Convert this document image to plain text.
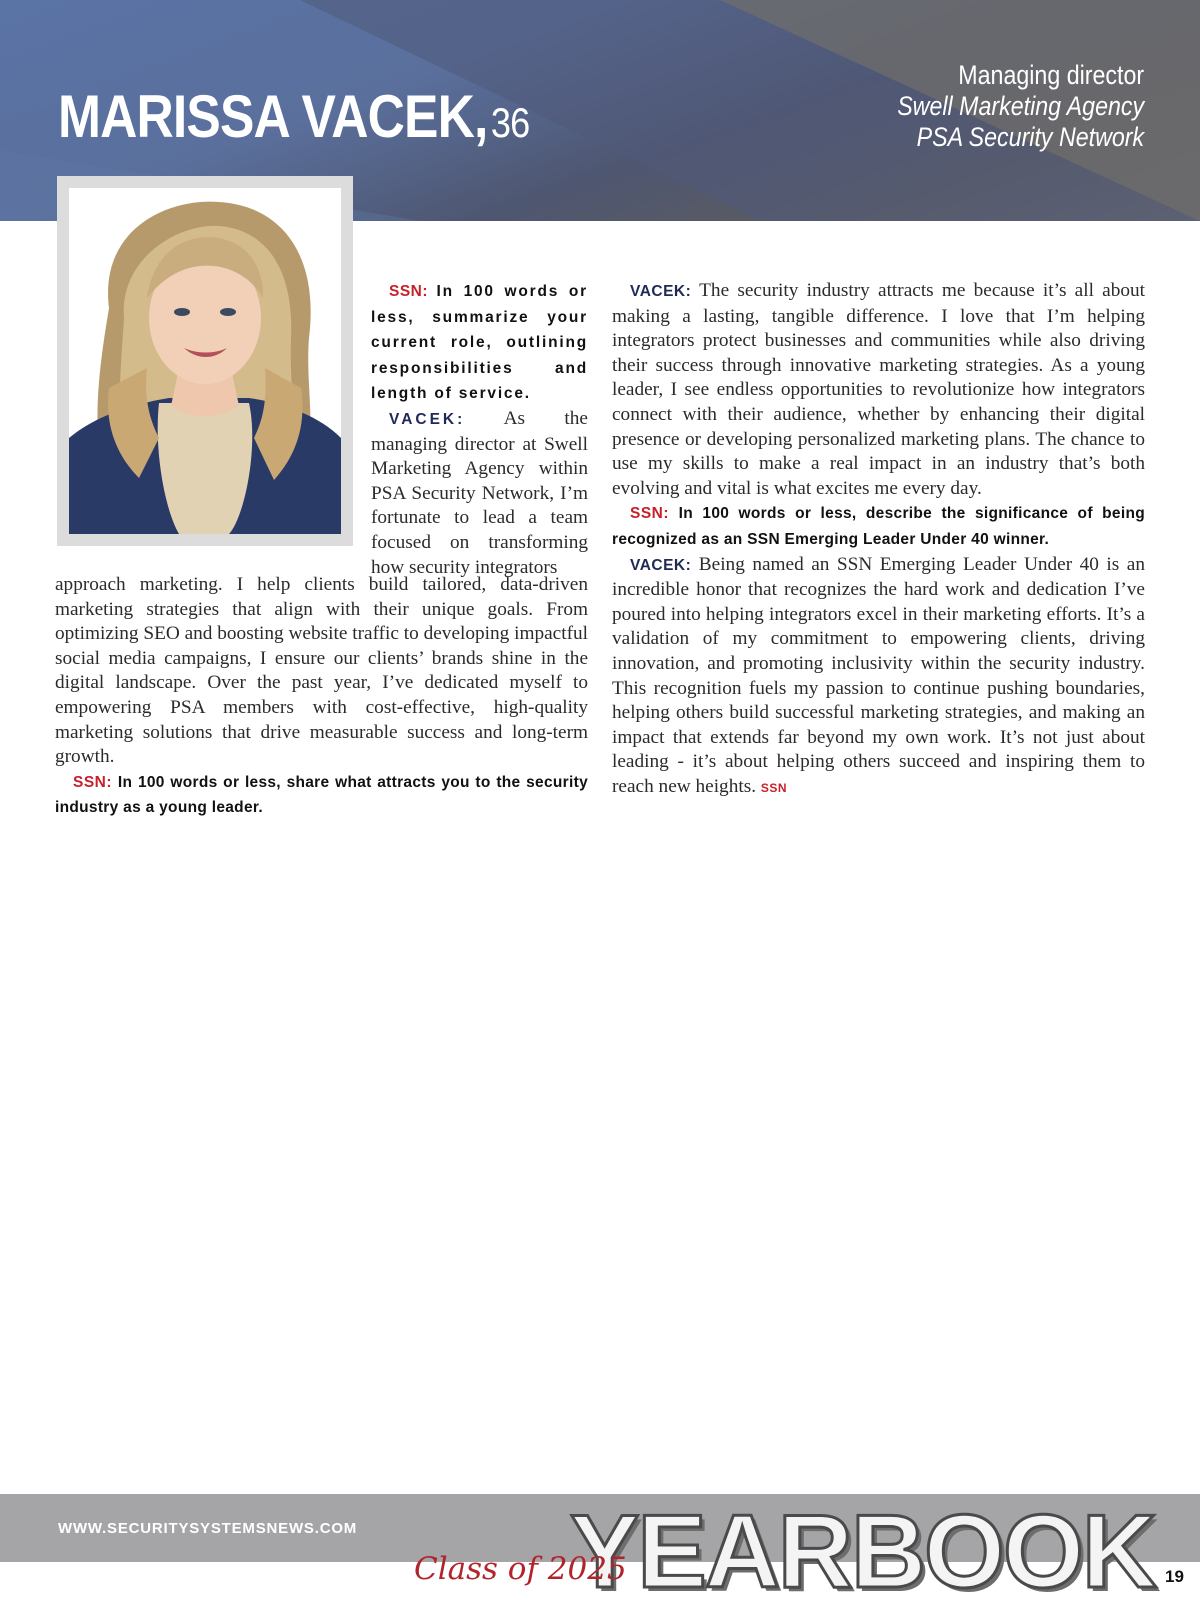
MARISSA VACEK,36
Managing director
Swell Marketing Agency
PSA Security Network

SSN: In 100 words or less, summarize your current role, outlining responsibilities and length of service.

VACEK: As the managing director at Swell Marketing Agency within PSA Security Network, I’m fortunate to lead a team focused on transforming how security integrators

approach marketing. I help clients build tailored, data-driven marketing strategies that align with their unique goals. From optimizing SEO and boosting website traffic to developing impactful social media campaigns, I ensure our clients’ brands shine in the digital landscape. Over the past year, I’ve dedicated myself to empowering PSA members with cost-effective, high-quality marketing solutions that drive measurable success and long-term growth.

SSN: In 100 words or less, share what attracts you to the security industry as a young leader.

VACEK: The security industry attracts me because it’s all about making a lasting, tangible difference. I love that I’m helping integrators protect businesses and communities while also driving their success through innovative marketing strategies. As a young leader, I see endless opportunities to revolutionize how integrators connect with their audience, whether by enhancing their digital presence or developing personalized marketing plans. The chance to use my skills to make a real impact in an industry that’s both evolving and vital is what excites me every day.

SSN: In 100 words or less, describe the significance of being recognized as an SSN Emerging Leader Under 40 winner.

VACEK: Being named an SSN Emerging Leader Under 40 is an incredible honor that recognizes the hard work and dedication I’ve poured into helping integrators excel in their marketing efforts. It’s a validation of my commitment to empowering clients, driving innovation, and promoting inclusivity within the security industry. This recognition fuels my passion to continue pushing boundaries, helping others build successful marketing strategies, and making an impact that extends far beyond my own work. It’s not just about leading - it’s about helping others succeed and inspiring them to reach new heights. SSN

WWW.SECURITYSYSTEMSNEWS.COM YEARBOOK
Class of 2025	19
